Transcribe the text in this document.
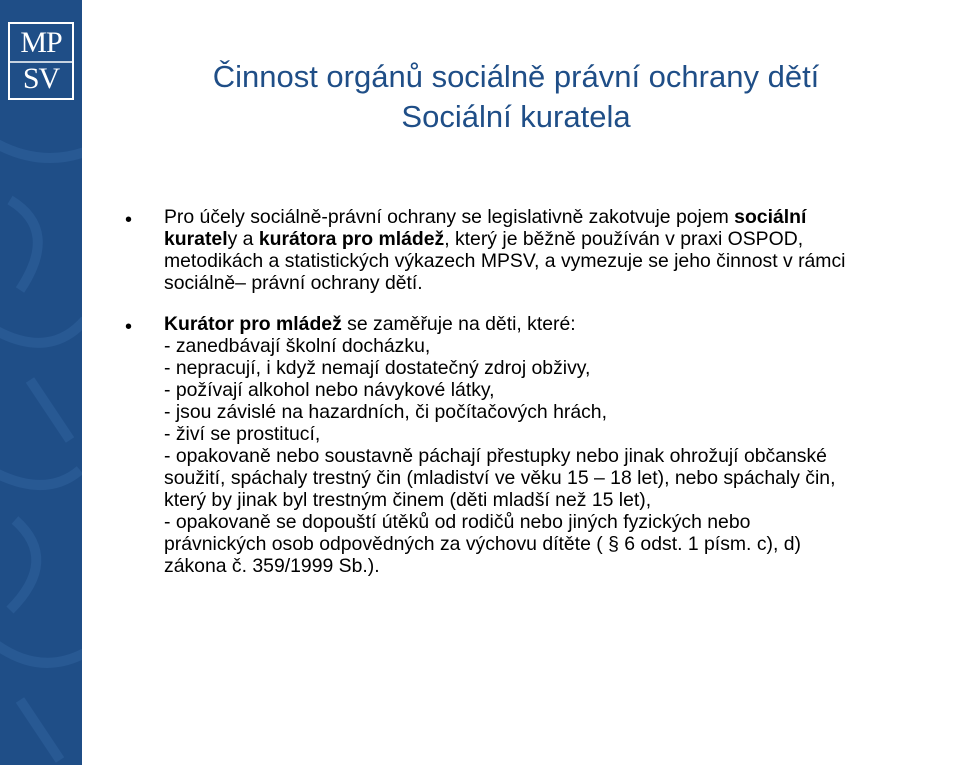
MP
SV	Činnost orgánů sociálně právní ochrany dětí
Sociální kuratela
• Pro účely sociálně-právní ochrany se legislativně zakotvuje pojem sociální
kurately a kurátora pro mládež, který je běžně používán v praxi OSPOD,
metodikách a statistických výkazech MPSV, a vymezuje se jeho činnost v rámci
sociálně– právní ochrany dětí.

• Kurátor pro mládež se zaměřuje na děti, které:
- zanedbávají školní docházku,
- nepracují, i když nemají dostatečný zdroj obživy,
- požívají alkohol nebo návykové látky,
- jsou závislé na hazardních, či počítačových hrách,
- živí se prostitucí,
- opakovaně nebo soustavně páchají přestupky nebo jinak ohrožují občanské
soužití, spáchaly trestný čin (mladiství ve věku 15 – 18 let), nebo spáchaly čin,
který by jinak byl trestným činem (děti mladší než 15 let),
- opakovaně se dopouští útěků od rodičů nebo jiných fyzických nebo
právnických osob odpovědných za výchovu dítěte ( § 6 odst. 1 písm. c), d)
zákona č. 359/1999 Sb.).
